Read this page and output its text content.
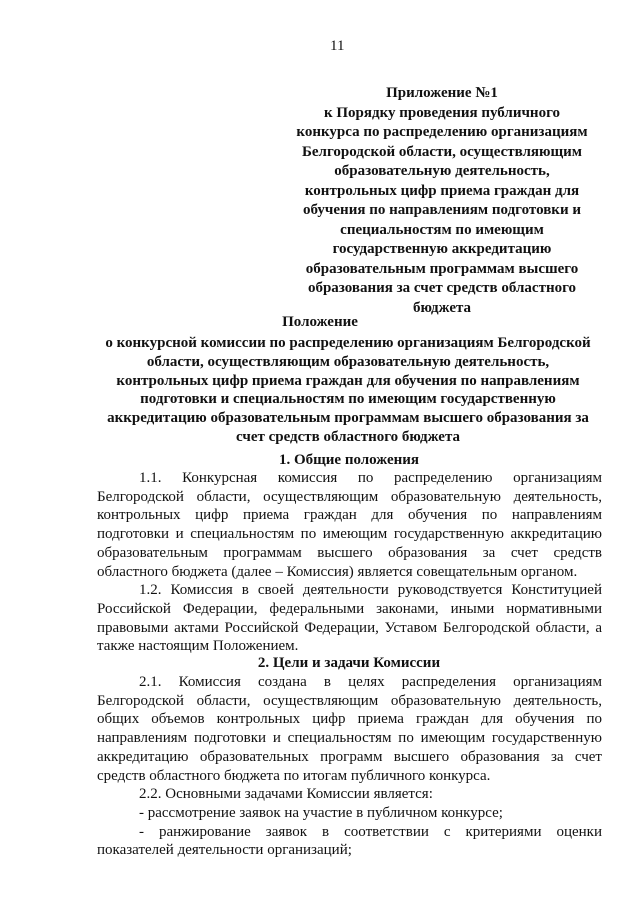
11
Приложение №1
к Порядку проведения публичного
конкурса по распределению организациям
Белгородской области, осуществляющим
образовательную деятельность,
контрольных цифр приема граждан для
обучения по направлениям подготовки и
специальностям по имеющим
государственную аккредитацию
образовательным программам высшего
образования за счет средств областного
бюджета
Положение
о конкурсной комиссии по распределению организациям Белгородской области, осуществляющим образовательную деятельность, контрольных цифр приема граждан для обучения по направлениям подготовки и специальностям по имеющим государственную аккредитацию образовательным программам высшего образования за счет средств областного бюджета
1. Общие положения

1.1. Конкурсная комиссия по распределению организациям Белгородской области, осуществляющим образовательную деятельность, контрольных цифр приема граждан для обучения по направлениям подготовки и специальностям по имеющим государственную аккредитацию образовательным программам высшего образования за счет средств областного бюджета (далее – Комиссия) является совещательным органом.

1.2. Комиссия в своей деятельности руководствуется Конституцией Российской Федерации, федеральными законами, иными нормативными правовыми актами Российской Федерации, Уставом Белгородской области, а также настоящим Положением.

2. Цели и задачи Комиссии

2.1. Комиссия создана в целях распределения организациям Белгородской области, осуществляющим образовательную деятельность, общих объемов контрольных цифр приема граждан для обучения по направлениям подготовки и специальностям по имеющим государственную аккредитацию образовательных программ высшего образования за счет средств областного бюджета по итогам публичного конкурса.

2.2. Основными задачами Комиссии является:

- рассмотрение заявок на участие в публичном конкурсе;

- ранжирование заявок в соответствии с критериями оценки показателей деятельности организаций;
